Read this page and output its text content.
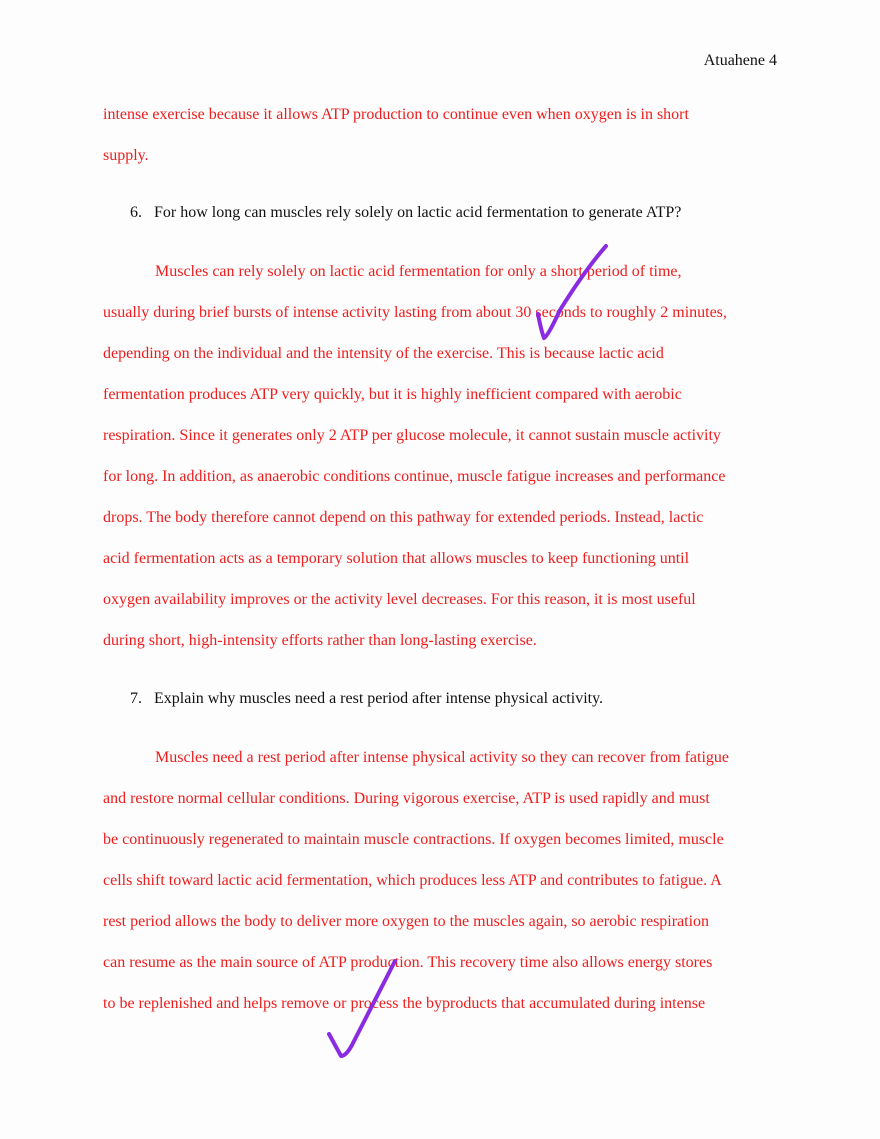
Atuahene 4
intense exercise because it allows ATP production to continue even when oxygen is in short
supply.
6.   For how long can muscles rely solely on lactic acid fermentation to generate ATP?
Muscles can rely solely on lactic acid fermentation for only a short period of time,
usually during brief bursts of intense activity lasting from about 30 seconds to roughly 2 minutes,
depending on the individual and the intensity of the exercise. This is because lactic acid
fermentation produces ATP very quickly, but it is highly inefficient compared with aerobic
respiration. Since it generates only 2 ATP per glucose molecule, it cannot sustain muscle activity
for long. In addition, as anaerobic conditions continue, muscle fatigue increases and performance
drops. The body therefore cannot depend on this pathway for extended periods. Instead, lactic
acid fermentation acts as a temporary solution that allows muscles to keep functioning until
oxygen availability improves or the activity level decreases. For this reason, it is most useful
during short, high-intensity efforts rather than long-lasting exercise.
7.   Explain why muscles need a rest period after intense physical activity.
Muscles need a rest period after intense physical activity so they can recover from fatigue
and restore normal cellular conditions. During vigorous exercise, ATP is used rapidly and must
be continuously regenerated to maintain muscle contractions. If oxygen becomes limited, muscle
cells shift toward lactic acid fermentation, which produces less ATP and contributes to fatigue. A
rest period allows the body to deliver more oxygen to the muscles again, so aerobic respiration
can resume as the main source of ATP production. This recovery time also allows energy stores
to be replenished and helps remove or process the byproducts that accumulated during intense
